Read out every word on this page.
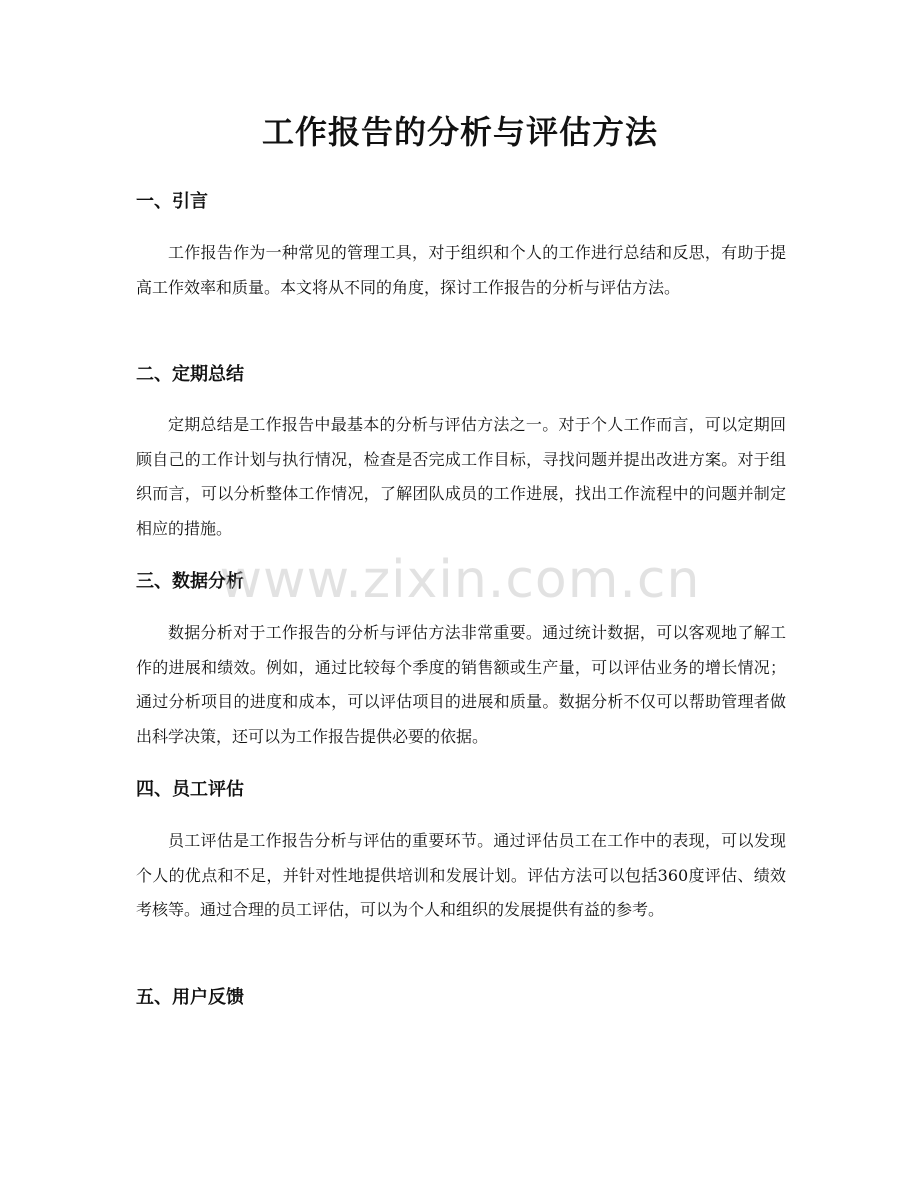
工作报告的分析与评估方法
一、引言

工作报告作为一种常见的管理工具，对于组织和个人的工作进行总结和反思，有助于提高工作效率和质量。本文将从不同的角度，探讨工作报告的分析与评估方法。

二、定期总结

定期总结是工作报告中最基本的分析与评估方法之一。对于个人工作而言，可以定期回顾自己的工作计划与执行情况，检查是否完成工作目标，寻找问题并提出改进方案。对于组织而言，可以分析整体工作情况，了解团队成员的工作进展，找出工作流程中的问题并制定相应的措施。

三、数据分析

数据分析对于工作报告的分析与评估方法非常重要。通过统计数据，可以客观地了解工作的进展和绩效。例如，通过比较每个季度的销售额或生产量，可以评估业务的增长情况；通过分析项目的进度和成本，可以评估项目的进展和质量。数据分析不仅可以帮助管理者做出科学决策，还可以为工作报告提供必要的依据。

四、员工评估

员工评估是工作报告分析与评估的重要环节。通过评估员工在工作中的表现，可以发现个人的优点和不足，并针对性地提供培训和发展计划。评估方法可以包括360度评估、绩效考核等。通过合理的员工评估，可以为个人和组织的发展提供有益的参考。

五、用户反馈
www.zixin.com.cn
